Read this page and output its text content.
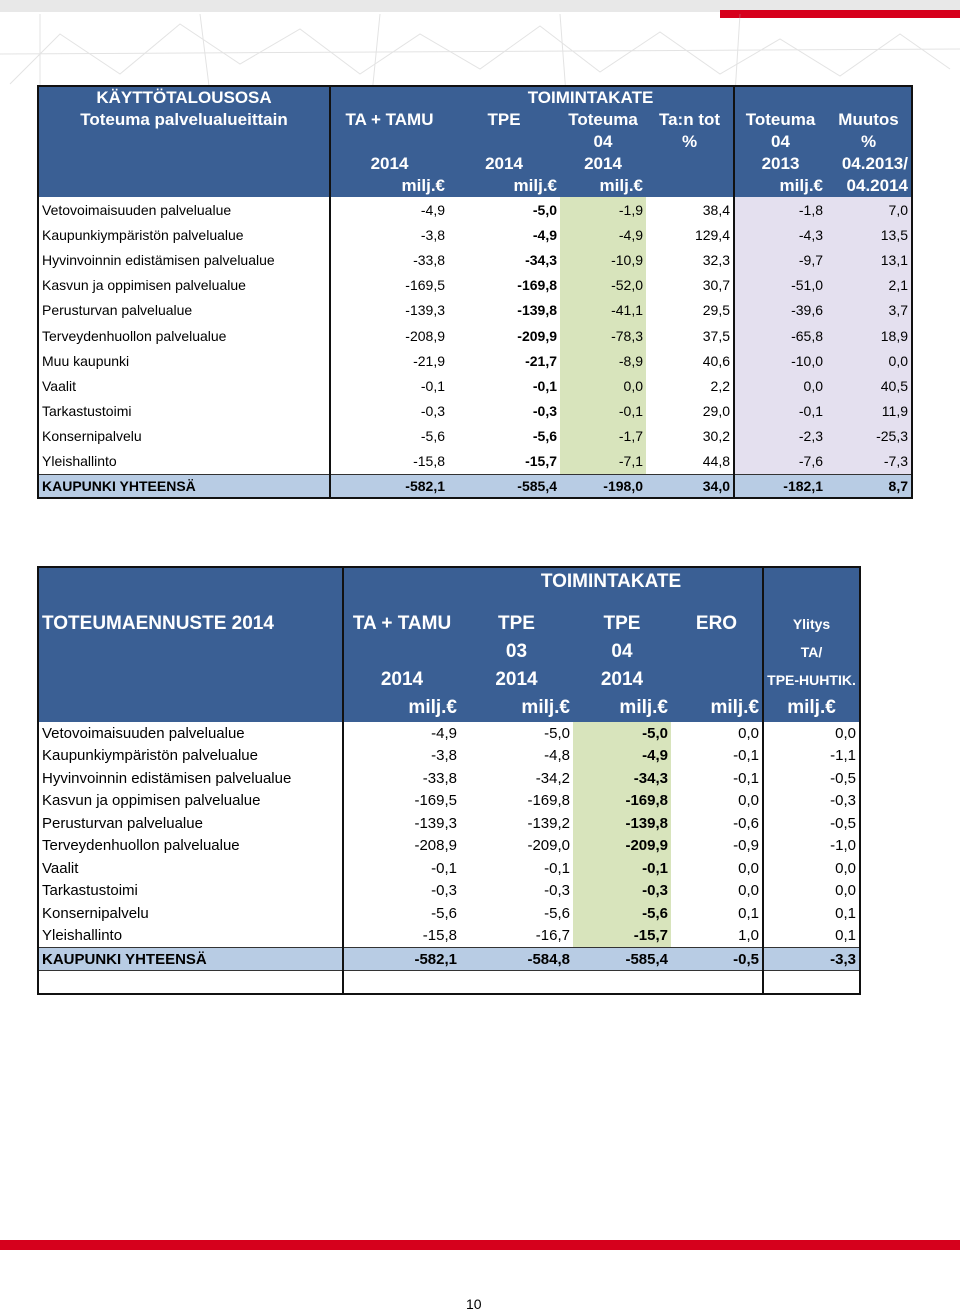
KÄYTTÖTALOUSOSA		TOIMINTAKATE				
Toteuma palvelualueittain	TA + TAMU	TPE	Toteuma	Ta:n tot	Toteuma	Muutos
			04	%	04	%
	2014	2014	2014		2013	04.2013/
	milj.€	milj.€	milj.€		milj.€	04.2014
Vetovoimaisuuden palvelualue	-4,9	-5,0	-1,9	38,4	-1,8	7,0
Kaupunkiympäristön palvelualue	-3,8	-4,9	-4,9	129,4	-4,3	13,5
Hyvinvoinnin edistämisen palvelualue	-33,8	-34,3	-10,9	32,3	-9,7	13,1
Kasvun ja oppimisen palvelualue	-169,5	-169,8	-52,0	30,7	-51,0	2,1
Perusturvan palvelualue	-139,3	-139,8	-41,1	29,5	-39,6	3,7
Terveydenhuollon palvelualue	-208,9	-209,9	-78,3	37,5	-65,8	18,9
Muu kaupunki	-21,9	-21,7	-8,9	40,6	-10,0	0,0
Vaalit	-0,1	-0,1	0,0	2,2	0,0	40,5
Tarkastustoimi	-0,3	-0,3	-0,1	29,0	-0,1	11,9
Konsernipalvelu	-5,6	-5,6	-1,7	30,2	-2,3	-25,3
Yleishallinto	-15,8	-15,7	-7,1	44,8	-7,6	-7,3
KAUPUNKI YHTEENSÄ	-582,1	-585,4	-198,0	34,0	-182,1	8,7
		TOIMINTAKATE			

TOTEUMAENNUSTE 2014	TA + TAMU	TPE	TPE	ERO	Ylitys
		03	04		TA/
	2014	2014	2014		TPE-HUHTIK.
	milj.€	milj.€	milj.€	milj.€	milj.€
Vetovoimaisuuden palvelualue	-4,9	-5,0	-5,0	0,0	0,0
Kaupunkiympäristön palvelualue	-3,8	-4,8	-4,9	-0,1	-1,1
Hyvinvoinnin edistämisen palvelualue	-33,8	-34,2	-34,3	-0,1	-0,5
Kasvun ja oppimisen palvelualue	-169,5	-169,8	-169,8	0,0	-0,3
Perusturvan palvelualue	-139,3	-139,2	-139,8	-0,6	-0,5
Terveydenhuollon palvelualue	-208,9	-209,0	-209,9	-0,9	-1,0
Vaalit	-0,1	-0,1	-0,1	0,0	0,0
Tarkastustoimi	-0,3	-0,3	-0,3	0,0	0,0
Konsernipalvelu	-5,6	-5,6	-5,6	0,1	0,1
Yleishallinto	-15,8	-16,7	-15,7	1,0	0,1
KAUPUNKI YHTEENSÄ	-582,1	-584,8	-585,4	-0,5	-3,3

10
